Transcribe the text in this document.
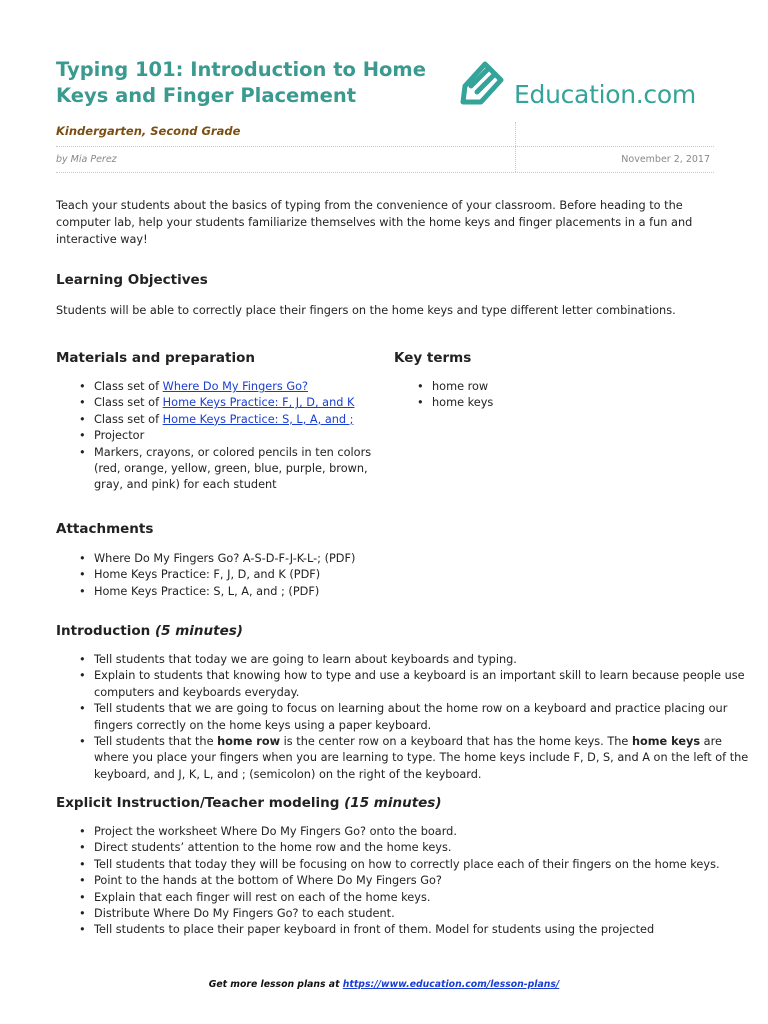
Typing 101: Introduction to Home
Keys and Finger Placement	Education.com
Kindergarten, Second Grade
by Mia Perez	November 2, 2017

Teach your students about the basics of typing from the convenience of your classroom. Before heading to the computer lab, help your students familiarize themselves with the home keys and finger placements in a fun and interactive way!

Learning Objectives

Students will be able to correctly place their fingers on the home keys and type different letter combinations.

Materials and preparation
• Class set of Where Do My Fingers Go?
• Class set of Home Keys Practice: F, J, D, and K
• Class set of Home Keys Practice: S, L, A, and ;
• Projector
• Markers, crayons, or colored pencils in ten colors (red, orange, yellow, green, blue, purple, brown, gray, and pink) for each student
Key terms
• home row
• home keys
Attachments
• Where Do My Fingers Go? A-S-D-F-J-K-L-; (PDF)
• Home Keys Practice: F, J, D, and K (PDF)
• Home Keys Practice: S, L, A, and ; (PDF)
Introduction (5 minutes)
• Tell students that today we are going to learn about keyboards and typing.
• Explain to students that knowing how to type and use a keyboard is an important skill to learn because people use computers and keyboards everyday.
• Tell students that we are going to focus on learning about the home row on a keyboard and practice placing our fingers correctly on the home keys using a paper keyboard.
• Tell students that the home row is the center row on a keyboard that has the home keys. The home keys are where you place your fingers when you are learning to type. The home keys include F, D, S, and A on the left of the keyboard, and J, K, L, and ; (semicolon) on the right of the keyboard.
Explicit Instruction/Teacher modeling (15 minutes)
• Project the worksheet Where Do My Fingers Go? onto the board.
• Direct students’ attention to the home row and the home keys.
• Tell students that today they will be focusing on how to correctly place each of their fingers on the home keys.
• Point to the hands at the bottom of Where Do My Fingers Go?
• Explain that each finger will rest on each of the home keys.
• Distribute Where Do My Fingers Go? to each student.
• Tell students to place their paper keyboard in front of them. Model for students using the projected
Get more lesson plans at https://www.education.com/lesson-plans/
